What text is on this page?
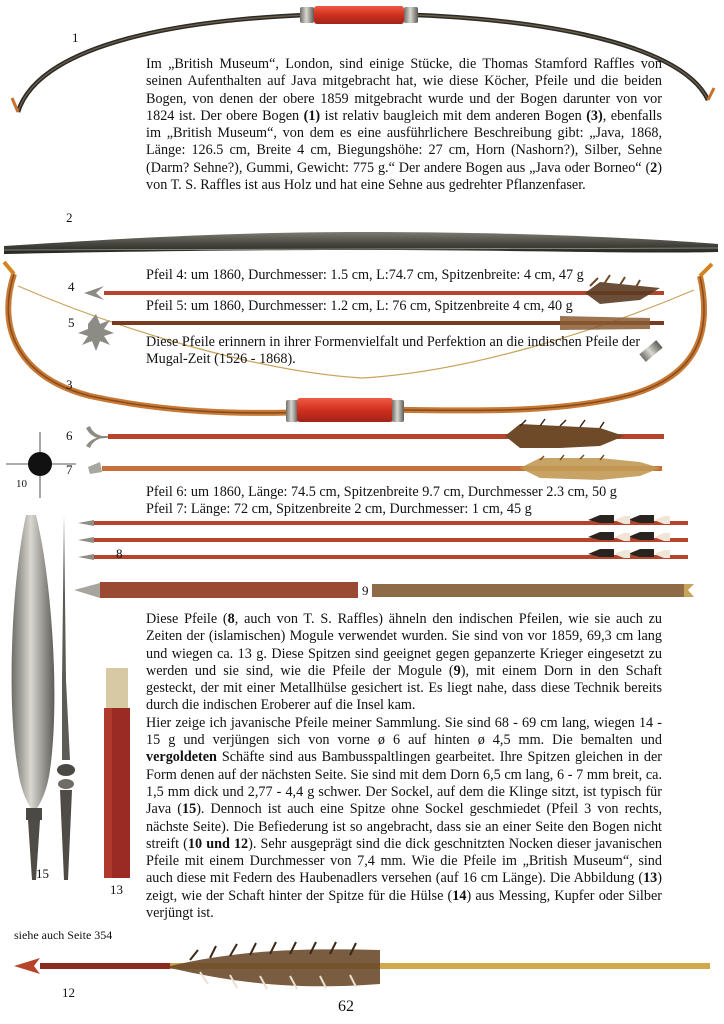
1
2
3
4
5
6
7
8
9
10
12
13
15

Im „British Museum“, London, sind einige Stücke, die Thomas Stamford Raffles von seinen Aufenthalten auf Java mitgebracht hat, wie diese Köcher, Pfeile und die beiden Bogen, von denen der obere 1859 mitgebracht wurde und der Bogen darunter von vor 1824 ist. Der obere Bogen (1) ist relativ baugleich mit dem anderen Bogen (3), ebenfalls im „British Museum“, von dem es eine ausführlichere Beschreibung gibt: „Java, 1868, Länge: 126.5 cm, Breite 4 cm, Biegungshöhe: 27 cm, Horn (Nashorn?), Silber, Sehne (Darm? Sehne?), Gummi, Gewicht: 775 g.“ Der andere Bogen aus „Java oder Borneo“ (2) von T. S. Raffles ist aus Holz und hat eine Sehne aus gedrehter Pflanzenfaser.

Pfeil 4: um 1860, Durchmesser: 1.5 cm, L:74.7 cm, Spitzenbreite: 4 cm, 47 g
Pfeil 5: um 1860, Durchmesser: 1.2 cm, L: 76 cm, Spitzenbreite 4 cm, 40 g
Diese Pfeile erinnern in ihrer Formenvielfalt und Perfektion an die indischen Pfeile der Mugal-Zeit (1526 - 1868).
Pfeil 6: um 1860, Länge: 74.5 cm, Spitzenbreite 9.7 cm, Durchmesser 2.3 cm, 50 g
Pfeil 7: Länge: 72 cm, Spitzenbreite 2 cm, Durchmesser: 1 cm, 45 g

Diese Pfeile (8, auch von T. S. Raffles) ähneln den indischen Pfeilen, wie sie auch zu Zeiten der (islamischen) Mogule verwendet wurden. Sie sind von vor 1859, 69,3 cm lang und wiegen ca. 13 g. Diese Spitzen sind geeignet gegen gepanzerte Krieger eingesetzt zu werden und sie sind, wie die Pfeile der Mogule (9), mit einem Dorn in den Schaft gesteckt, der mit einer Metallhülse gesichert ist. Es liegt nahe, dass diese Technik bereits durch die indischen Eroberer auf die Insel kam.

Hier zeige ich javanische Pfeile meiner Sammlung. Sie sind 68 - 69 cm lang, wiegen 14 - 15 g und verjüngen sich von vorne ø 6 auf hinten ø 4,5 mm. Die bemalten und vergoldeten Schäfte sind aus Bambusspaltlingen gearbeitet. Ihre Spitzen gleichen in der Form denen auf der nächsten Seite. Sie sind mit dem Dorn 6,5 cm lang, 6 - 7 mm breit, ca. 1,5 mm dick und 2,77 - 4,4 g schwer. Der Sockel, auf dem die Klinge sitzt, ist typisch für Java (15). Dennoch ist auch eine Spitze ohne Sockel geschmiedet (Pfeil 3 von rechts, nächste Seite). Die Befiederung ist so angebracht, dass sie an einer Seite den Bogen nicht streift (10 und 12). Sehr ausgeprägt sind die dick geschnitzten Nocken dieser javanischen Pfeile mit einem Durchmesser von 7,4 mm. Wie die Pfeile im „British Museum“, sind auch diese mit Federn des Haubenadlers versehen (auf 16 cm Länge). Die Abbildung (13) zeigt, wie der Schaft hinter der Spitze für die Hülse (14) aus Messing, Kupfer oder Silber verjüngt ist.

siehe auch Seite 354
62
